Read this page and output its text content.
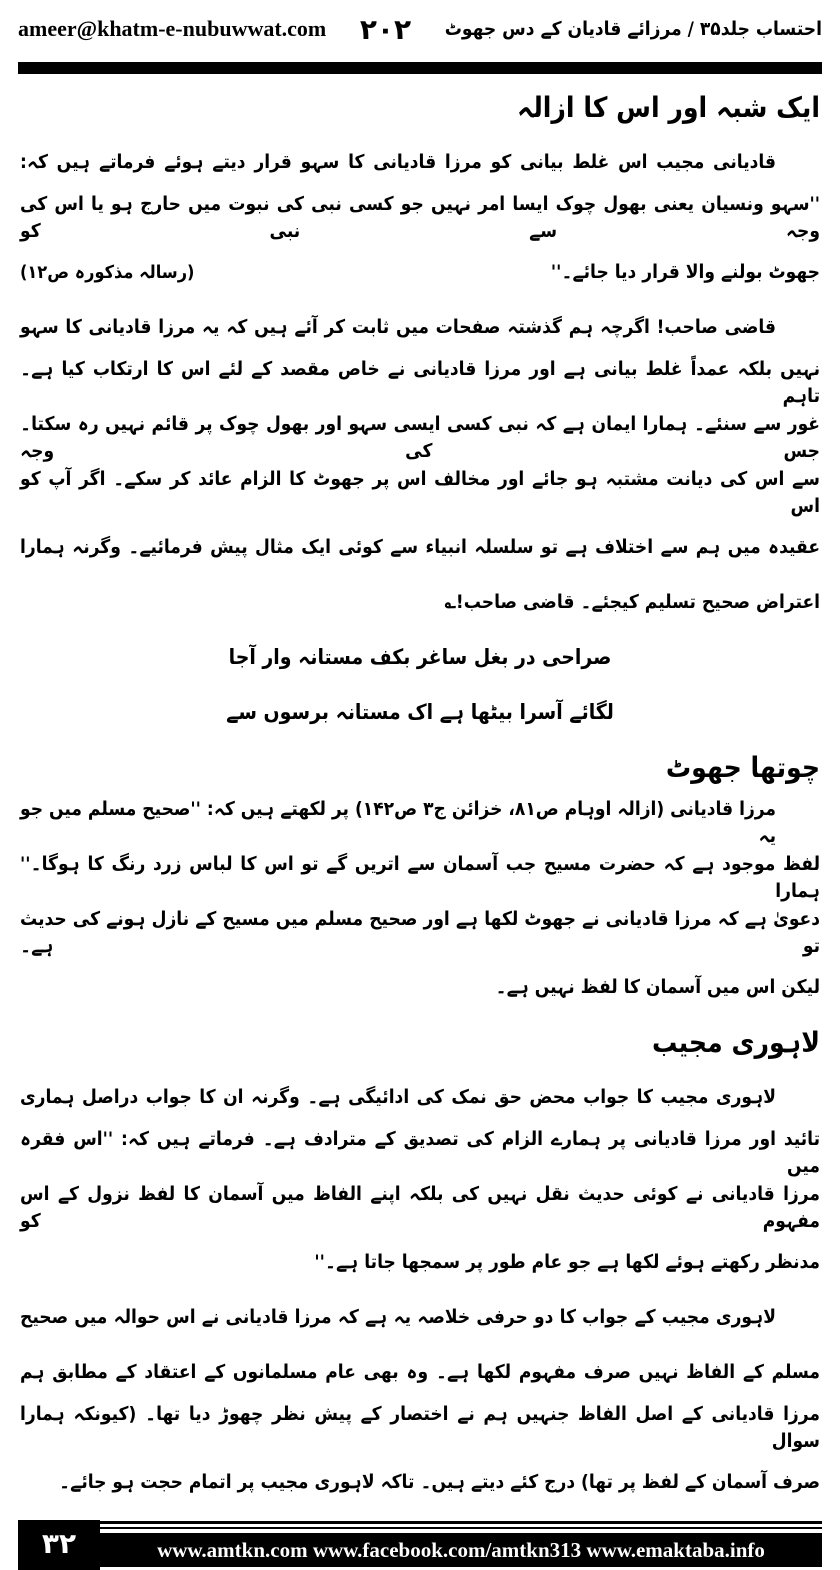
ameer@khatm-e-nubuwwat.com ۲۰۲ احتساب جلد۳۵ / مرزائے قادیان کے دس جھوٹ
ایک شبہ اور اس کا ازالہ
قادیانی مجیب اس غلط بیانی کو مرزا قادیانی کا سہو قرار دیتے ہوئے فرماتے ہیں کہ:
''سہو ونسیان یعنی بھول چوک ایسا امر نہیں جو کسی نبی کی نبوت میں حارج ہو یا اس کی وجہ سے نبی کو
جھوٹ بولنے والا قرار دیا جائے۔''
(رسالہ مذکورہ ص۱۲)
قاضی صاحب! اگرچہ ہم گذشتہ صفحات میں ثابت کر آئے ہیں کہ یہ مرزا قادیانی کا سہو
نہیں بلکہ عمداً غلط بیانی ہے اور مرزا قادیانی نے خاص مقصد کے لئے اس کا ارتکاب کیا ہے۔ تاہم
غور سے سنئے۔ ہمارا ایمان ہے کہ نبی کسی ایسی سہو اور بھول چوک پر قائم نہیں رہ سکتا۔ جس کی وجہ
سے اس کی دیانت مشتبہ ہو جائے اور مخالف اس پر جھوٹ کا الزام عائد کر سکے۔ اگر آپ کو اس
عقیدہ میں ہم سے اختلاف ہے تو سلسلہ انبیاء سے کوئی ایک مثال پیش فرمائیے۔ وگرنہ ہمارا
اعتراض صحیح تسلیم کیجئے۔ قاضی صاحب!؎
صراحی در بغل ساغر بکف مستانہ وار آجا
لگائے آسرا بیٹھا ہے اک مستانہ برسوں سے
چوتھا جھوٹ
مرزا قادیانی (ازالہ اوہام ص۸۱، خزائن ج۳ ص۱۴۲) پر لکھتے ہیں کہ: ''صحیح مسلم میں جو یہ
لفظ موجود ہے کہ حضرت مسیح جب آسمان سے اتریں گے تو اس کا لباس زرد رنگ کا ہوگا۔'' ہمارا
دعویٰ ہے کہ مرزا قادیانی نے جھوٹ لکھا ہے اور صحیح مسلم میں مسیح کے نازل ہونے کی حدیث تو ہے۔
لیکن اس میں آسمان کا لفظ نہیں ہے۔
لاہوری مجیب
لاہوری مجیب کا جواب محض حق نمک کی ادائیگی ہے۔ وگرنہ ان کا جواب دراصل ہماری
تائید اور مرزا قادیانی پر ہمارے الزام کی تصدیق کے مترادف ہے۔ فرماتے ہیں کہ: ''اس فقرہ میں
مرزا قادیانی نے کوئی حدیث نقل نہیں کی بلکہ اپنے الفاظ میں آسمان کا لفظ نزول کے اس مفہوم کو
مدنظر رکھتے ہوئے لکھا ہے جو عام طور پر سمجھا جاتا ہے۔''
لاہوری مجیب کے جواب کا دو حرفی خلاصہ یہ ہے کہ مرزا قادیانی نے اس حوالہ میں صحیح
مسلم کے الفاظ نہیں صرف مفہوم لکھا ہے۔ وہ بھی عام مسلمانوں کے اعتقاد کے مطابق ہم
مرزا قادیانی کے اصل الفاظ جنہیں ہم نے اختصار کے پیش نظر چھوڑ دیا تھا۔ (کیونکہ ہمارا سوال
صرف آسمان کے لفظ پر تھا) درج کئے دیتے ہیں۔ تاکہ لاہوری مجیب پر اتمام حجت ہو جائے۔
۳۲	www.amtkn.com www.facebook.com/amtkn313 www.emaktaba.info
